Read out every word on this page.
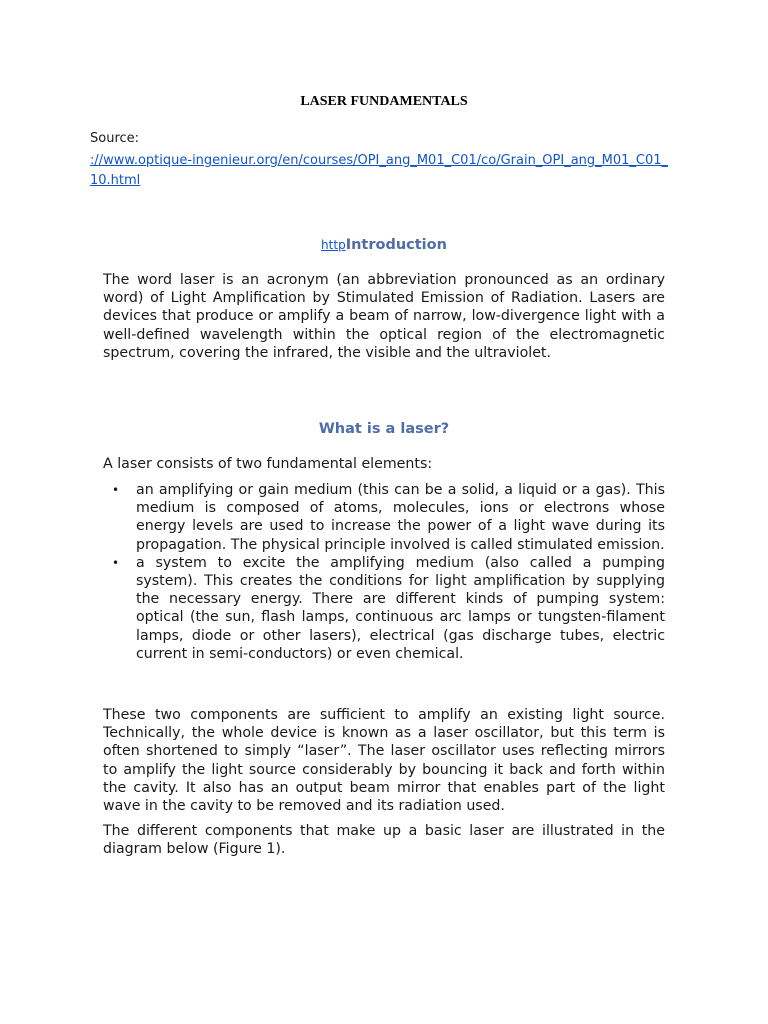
LASER FUNDAMENTALS
Source:
://www.optique-ingenieur.org/en/courses/OPI_ang_M01_C01/co/Grain_OPI_ang_M01_C01_10.html
httpIntroduction

The word laser is an acronym (an abbreviation pronounced as an ordinary word) of Light Amplification by Stimulated Emission of Radiation. Lasers are devices that produce or amplify a beam of narrow, low-divergence light with a well-defined wavelength within the optical region of the electromagnetic spectrum, covering the infrared, the visible and the ultraviolet.

What is a laser?

A laser consists of two fundamental elements:

• an amplifying or gain medium (this can be a solid, a liquid or a gas). This medium is composed of atoms, molecules, ions or electrons whose energy levels are used to increase the power of a light wave during its propagation. The physical principle involved is called stimulated emission.
• a system to excite the amplifying medium (also called a pumping system). This creates the conditions for light amplification by supplying the necessary energy. There are different kinds of pumping system: optical (the sun, flash lamps, continuous arc lamps or tungsten-filament lamps, diode or other lasers), electrical (gas discharge tubes, electric current in semi-conductors) or even chemical.

These two components are sufficient to amplify an existing light source. Technically, the whole device is known as a laser oscillator, but this term is often shortened to simply “laser”. The laser oscillator uses reflecting mirrors to amplify the light source considerably by bouncing it back and forth within the cavity. It also has an output beam mirror that enables part of the light wave in the cavity to be removed and its radiation used.

The different components that make up a basic laser are illustrated in the diagram below (Figure 1).
